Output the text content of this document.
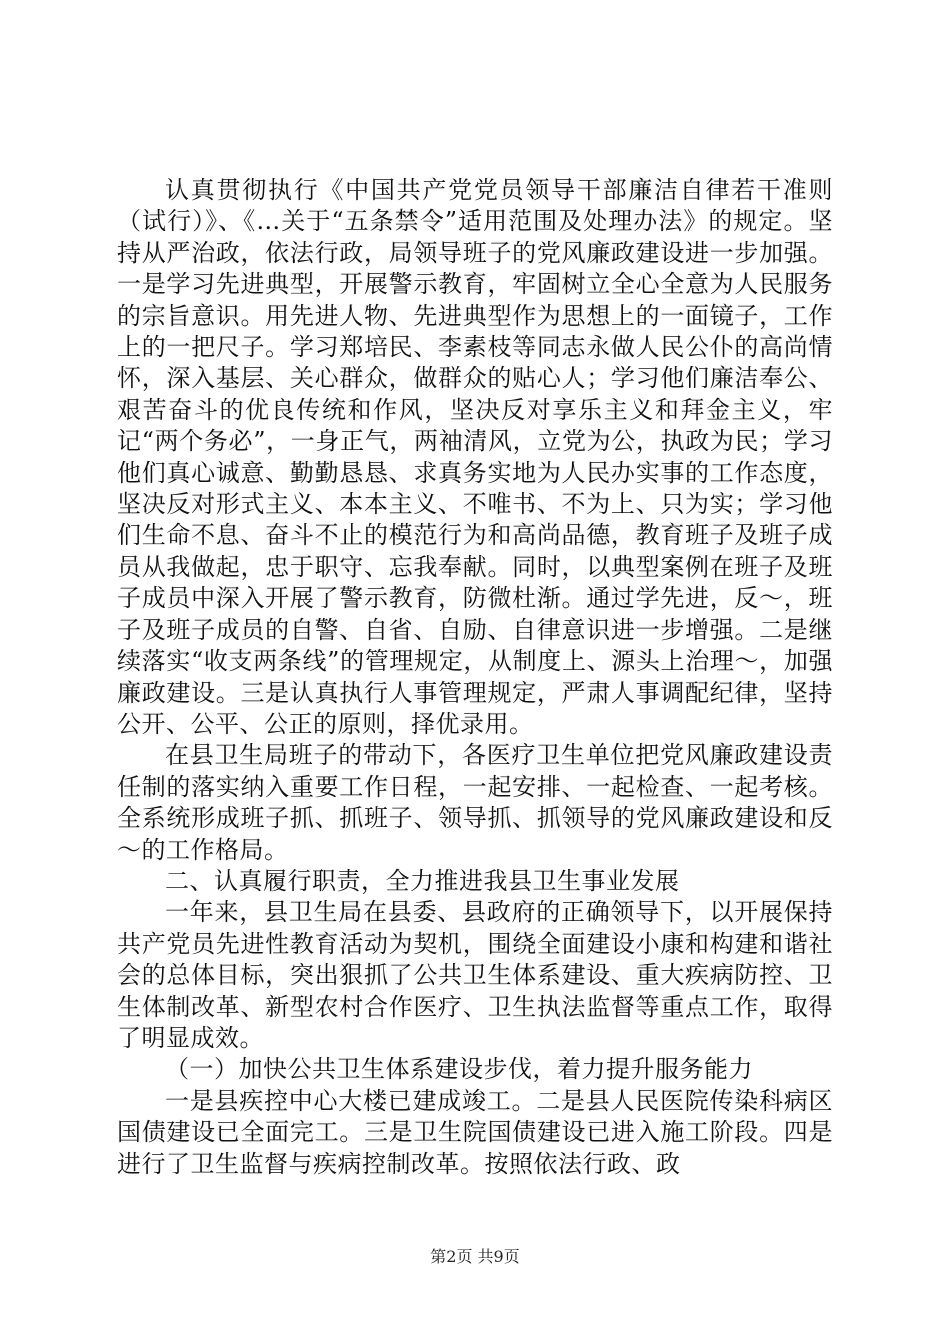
认真贯彻执行《中国共产党党员领导干部廉洁自律若干准则（试行）》、《…关于“五条禁令”适用范围及处理办法》的规定。坚持从严治政，依法行政，局领导班子的党风廉政建设进一步加强。一是学习先进典型，开展警示教育，牢固树立全心全意为人民服务的宗旨意识。用先进人物、先进典型作为思想上的一面镜子，工作上的一把尺子。学习郑培民、李素枝等同志永做人民公仆的高尚情怀，深入基层、关心群众，做群众的贴心人；学习他们廉洁奉公、艰苦奋斗的优良传统和作风，坚决反对享乐主义和拜金主义，牢记“两个务必”，一身正气，两袖清风，立党为公，执政为民；学习他们真心诚意、勤勤恳恳、求真务实地为人民办实事的工作态度，坚决反对形式主义、本本主义、不唯书、不为上、只为实；学习他们生命不息、奋斗不止的模范行为和高尚品德，教育班子及班子成员从我做起，忠于职守、忘我奉献。同时，以典型案例在班子及班子成员中深入开展了警示教育，防微杜渐。通过学先进，反～，班子及班子成员的自警、自省、自励、自律意识进一步增强。二是继续落实“收支两条线”的管理规定，从制度上、源头上治理～，加强廉政建设。三是认真执行人事管理规定，严肃人事调配纪律，坚持公开、公平、公正的原则，择优录用。

在县卫生局班子的带动下，各医疗卫生单位把党风廉政建设责任制的落实纳入重要工作日程，一起安排、一起检查、一起考核。全系统形成班子抓、抓班子、领导抓、抓领导的党风廉政建设和反～的工作格局。

二、认真履行职责，全力推进我县卫生事业发展

一年来，县卫生局在县委、县政府的正确领导下，以开展保持共产党员先进性教育活动为契机，围绕全面建设小康和构建和谐社会的总体目标，突出狠抓了公共卫生体系建设、重大疾病防控、卫生体制改革、新型农村合作医疗、卫生执法监督等重点工作，取得了明显成效。

（一）加快公共卫生体系建设步伐，着力提升服务能力

一是县疾控中心大楼已建成竣工。二是县人民医院传染科病区国债建设已全面完工。三是卫生院国债建设已进入施工阶段。四是进行了卫生监督与疾病控制改革。按照依法行政、政

第2页 共9页
